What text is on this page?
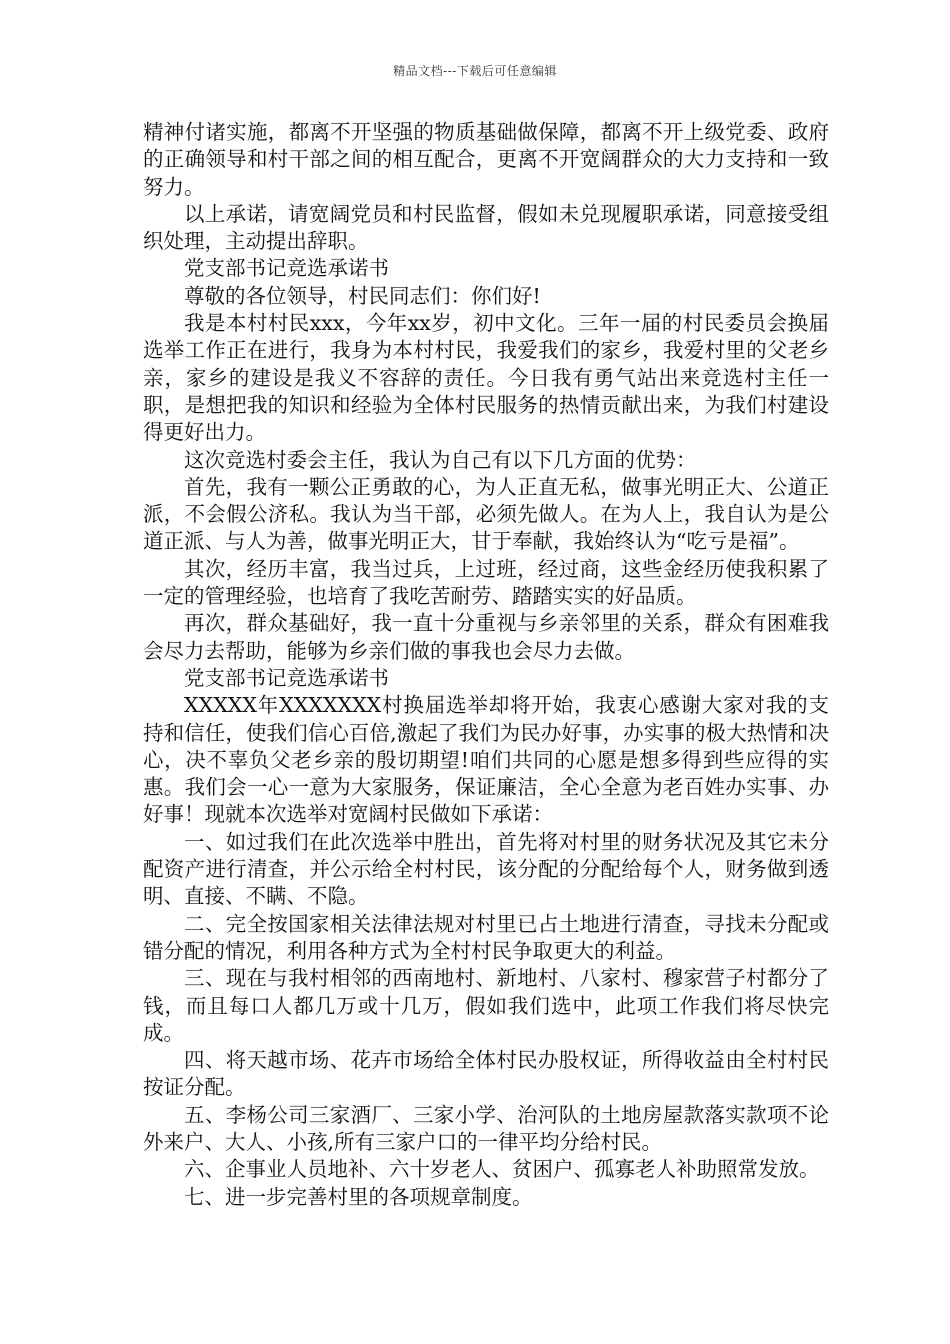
精品文档---下载后可任意编辑

精神付诸实施，都离不开坚强的物质基础做保障，都离不开上级党委、政府的正确领导和村干部之间的相互配合，更离不开宽阔群众的大力支持和一致努力。

以上承诺，请宽阔党员和村民监督，假如未兑现履职承诺，同意接受组织处理，主动提出辞职。

党支部书记竞选承诺书

尊敬的各位领导，村民同志们：你们好!

我是本村村民xxx，今年xx岁，初中文化。三年一届的村民委员会换届选举工作正在进行，我身为本村村民，我爱我们的家乡，我爱村里的父老乡亲，家乡的建设是我义不容辞的责任。今日我有勇气站出来竞选村主任一职，是想把我的知识和经验为全体村民服务的热情贡献出来，为我们村建设得更好出力。

这次竞选村委会主任，我认为自己有以下几方面的优势：

首先，我有一颗公正勇敢的心，为人正直无私，做事光明正大、公道正派，不会假公济私。我认为当干部，必须先做人。在为人上，我自认为是公道正派、与人为善，做事光明正大，甘于奉献，我始终认为“吃亏是福”。

其次，经历丰富，我当过兵，上过班，经过商，这些金经历使我积累了一定的管理经验，也培育了我吃苦耐劳、踏踏实实的好品质。

再次，群众基础好，我一直十分重视与乡亲邻里的关系，群众有困难我会尽力去帮助，能够为乡亲们做的事我也会尽力去做。

党支部书记竞选承诺书

XXXXX年XXXXXXX村换届选举却将开始，我衷心感谢大家对我的支持和信任，使我们信心百倍,激起了我们为民办好事，办实事的极大热情和决心，决不辜负父老乡亲的殷切期望!咱们共同的心愿是想多得到些应得的实惠。我们会一心一意为大家服务，保证廉洁，全心全意为老百姓办实事、办好事！现就本次选举对宽阔村民做如下承诺：

一、如过我们在此次选举中胜出，首先将对村里的财务状况及其它未分配资产进行清查，并公示给全村村民，该分配的分配给每个人，财务做到透明、直接、不瞒、不隐。

二、完全按国家相关法律法规对村里已占土地进行清查，寻找未分配或错分配的情况，利用各种方式为全村村民争取更大的利益。

三、现在与我村相邻的西南地村、新地村、八家村、穆家营子村都分了钱，而且每口人都几万或十几万，假如我们选中，此项工作我们将尽快完成。

四、将天越市场、花卉市场给全体村民办股权证，所得收益由全村村民按证分配。

五、李杨公司三家酒厂、三家小学、治河队的土地房屋款落实款项不论外来户、大人、小孩,所有三家户口的一律平均分给村民。

六、企事业人员地补、六十岁老人、贫困户、孤寡老人补助照常发放。

七、进一步完善村里的各项规章制度。
